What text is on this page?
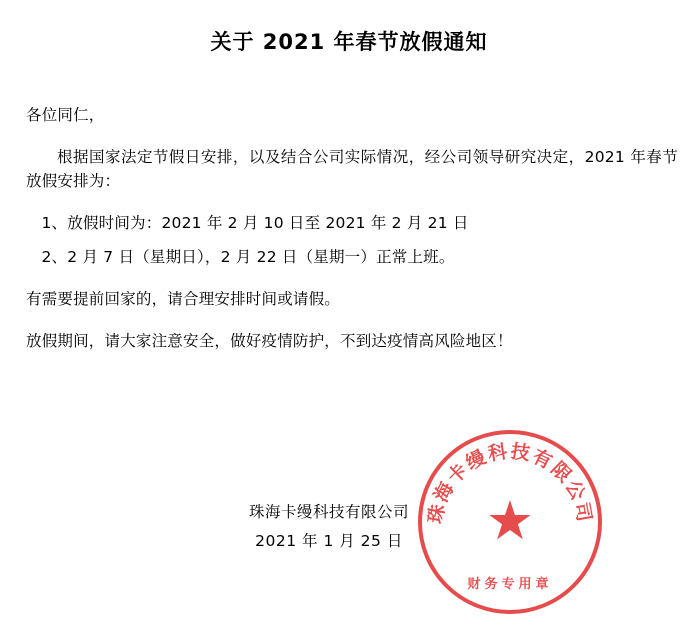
关于 2021 年春节放假通知

各位同仁，

根据国家法定节假日安排，以及结合公司实际情况，经公司领导研究决定，2021 年春节放假安排为：

1、放假时间为：2021 年 2 月 10 日至 2021 年 2 月 21 日

2、2 月 7 日（星期日），2 月 22 日（星期一）正常上班。

有需要提前回家的，请合理安排时间或请假。

放假期间，请大家注意安全，做好疫情防护，不到达疫情高风险地区！

珠海卡缦科技有限公司
2021 年 1 月 25 日
珠海卡缦科技有限公司
★
财务专用章
